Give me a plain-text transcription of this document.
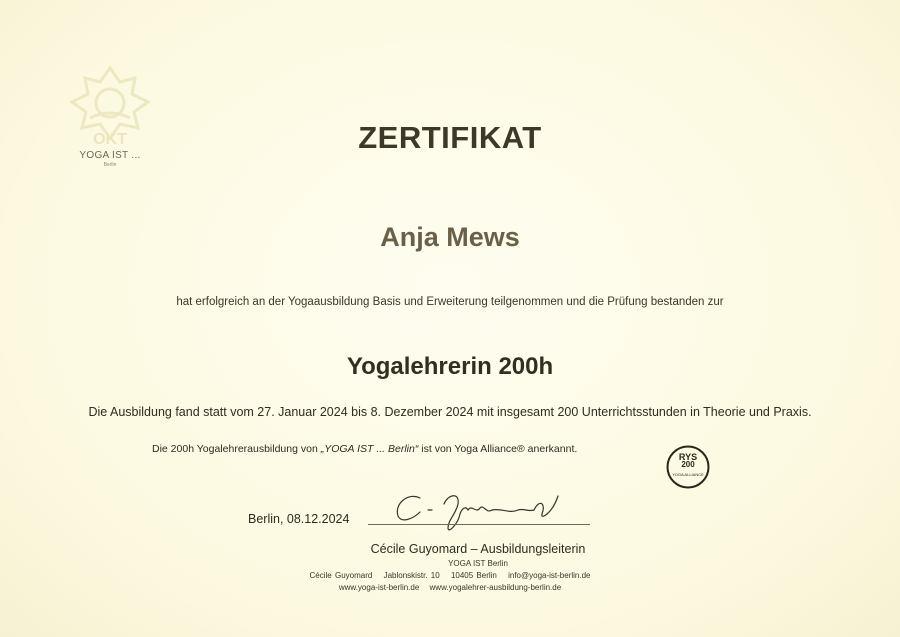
OKT
YOGA IST ...
Berlin
ZERTIFIKAT
Anja Mews
hat erfolgreich an der Yogaausbildung Basis und Erweiterung teilgenommen und die Prüfung bestanden zur
Yogalehrerin 200h
Die Ausbildung fand statt vom 27. Januar 2024 bis 8. Dezember 2024 mit insgesamt 200 Unterrichtsstunden in Theorie und Praxis.
Die 200h Yogalehrerausbildung von „YOGA IST ... Berlin“ ist von Yoga Alliance® anerkannt.
RYS
200
YOGA ALLIANCE
Berlin, 08.12.2024
Cécile Guyomard – Ausbildungsleiterin
YOGA IST Berlin
Cécile Guyomard Jablonskistr. 10 10405 Berlin info@yoga-ist-berlin.de
www.yoga-ist-berlin.de www.yogalehrer-ausbildung-berlin.de
